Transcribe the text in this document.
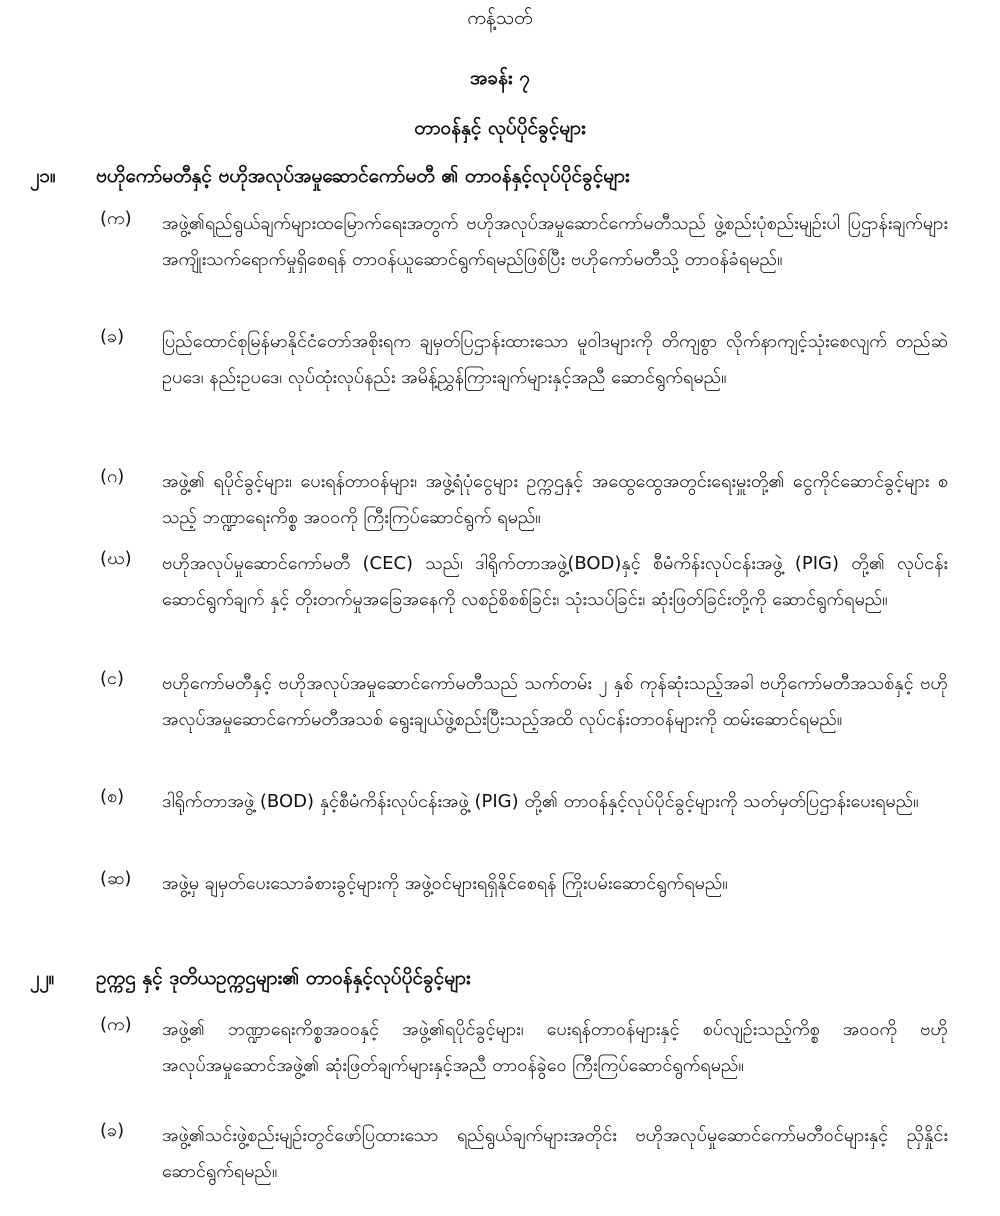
ကန့်သတ်
အခန်း ၇
တာဝန်နှင့် လုပ်ပိုင်ခွင့်များ
၂၁။ ဗဟိုကော်မတီနှင့် ဗဟိုအလုပ်အမှုဆောင်ကော်မတီ ၏ တာဝန်နှင့်လုပ်ပိုင်ခွင့်များ
(က)	အဖွဲ့၏ရည်ရွယ်ချက်များထမြောက်ရေးအတွက် ဗဟိုအလုပ်အမှုဆောင်ကော်မတီသည် ဖွဲ့စည်းပုံစည်းမျဉ်းပါ ပြဌာန်းချက်များ အကျိုးသက်ရောက်မှုရှိစေရန် တာဝန်ယူဆောင်ရွက်ရမည်ဖြစ်ပြီး ဗဟိုကော်မတီသို့ တာဝန်ခံရမည်။
(ခ)	ပြည်ထောင်စုမြန်မာနိုင်ငံတော်အစိုးရက ချမှတ်ပြဌာန်းထားသော မူဝါဒများကို တိကျစွာ လိုက်နာကျင့်သုံးစေလျက် တည်ဆဲဥပဒေ၊ နည်းဥပဒေ၊ လုပ်ထုံးလုပ်နည်း အမိန့်ညွှန်ကြားချက်များနှင့်အညီ ဆောင်ရွက်ရမည်။
(ဂ)	အဖွဲ့၏ ရပိုင်ခွင့်များ၊ ပေးရန်တာဝန်များ၊ အဖွဲ့ရံပုံငွေများ ဥက္ကဌနှင့် အထွေထွေအတွင်းရေးမှူးတို့၏ ငွေကိုင်ဆောင်ခွင့်များ စသည့် ဘဏ္ဍာရေးကိစ္စ အဝဝကို ကြီးကြပ်ဆောင်ရွက် ရမည်။
(ဃ)	ဗဟိုအလုပ်မှုဆောင်ကော်မတီ (CEC) သည်၊ ဒါရိုက်တာအဖွဲ့(BOD)နှင့် စီမံကိန်းလုပ်ငန်းအဖွဲ့ (PIG) တို့၏ လုပ်ငန်းဆောင်ရွက်ချက် နှင့် တိုးတက်မှုအခြေအနေကို လစဉ်စိစစ်ခြင်း၊ သုံးသပ်ခြင်း၊ ဆုံးဖြတ်ခြင်းတို့ကို ဆောင်ရွက်ရမည်။
(င)	ဗဟိုကော်မတီနှင့် ဗဟိုအလုပ်အမှုဆောင်ကော်မတီသည် သက်တမ်း ၂ နှစ် ကုန်ဆုံးသည့်အခါ ဗဟိုကော်မတီအသစ်နှင့် ဗဟိုအလုပ်အမှုဆောင်ကော်မတီအသစ် ရွေးချယ်ဖွဲ့စည်းပြီးသည့်အထိ လုပ်ငန်းတာဝန်များကို ထမ်းဆောင်ရမည်။
(စ)	ဒါရိုက်တာအဖွဲ့ (BOD) နှင့်စီမံကိန်းလုပ်ငန်းအဖွဲ့ (PIG) တို့၏ တာဝန်နှင့်လုပ်ပိုင်ခွင့်များကို သတ်မှတ်ပြဌာန်းပေးရမည်။
(ဆ)	အဖွဲ့မှ ချမှတ်ပေးသောခံစားခွင့်များကို အဖွဲ့ဝင်များရရှိနိုင်စေရန် ကြိုးပမ်းဆောင်ရွက်ရမည်။
၂၂။ ဥက္ကဌ နှင့် ဒုတိယဥက္ကဌများ၏ တာဝန်နှင့်လုပ်ပိုင်ခွင့်များ
(က)	အဖွဲ့၏ ဘဏ္ဍာရေးကိစ္စအဝဝနှင့် အဖွဲ့၏ရပိုင်ခွင့်များ၊ ပေးရန်တာဝန်များနှင့် စပ်လျဉ်းသည့်ကိစ္စ အဝဝကို ဗဟိုအလုပ်အမှုဆောင်အဖွဲ့၏ ဆုံးဖြတ်ချက်များနှင့်အညီ တာဝန်ခွဲဝေ ကြီးကြပ်ဆောင်ရွက်ရမည်။
(ခ)	အဖွဲ့၏သင်းဖွဲ့စည်းမျဉ်းတွင်ဖော်ပြထားသော ရည်ရွယ်ချက်များအတိုင်း ဗဟိုအလုပ်မှုဆောင်ကော်မတီဝင်များနှင့် ညှိနှိုင်းဆောင်ရွက်ရမည်။
